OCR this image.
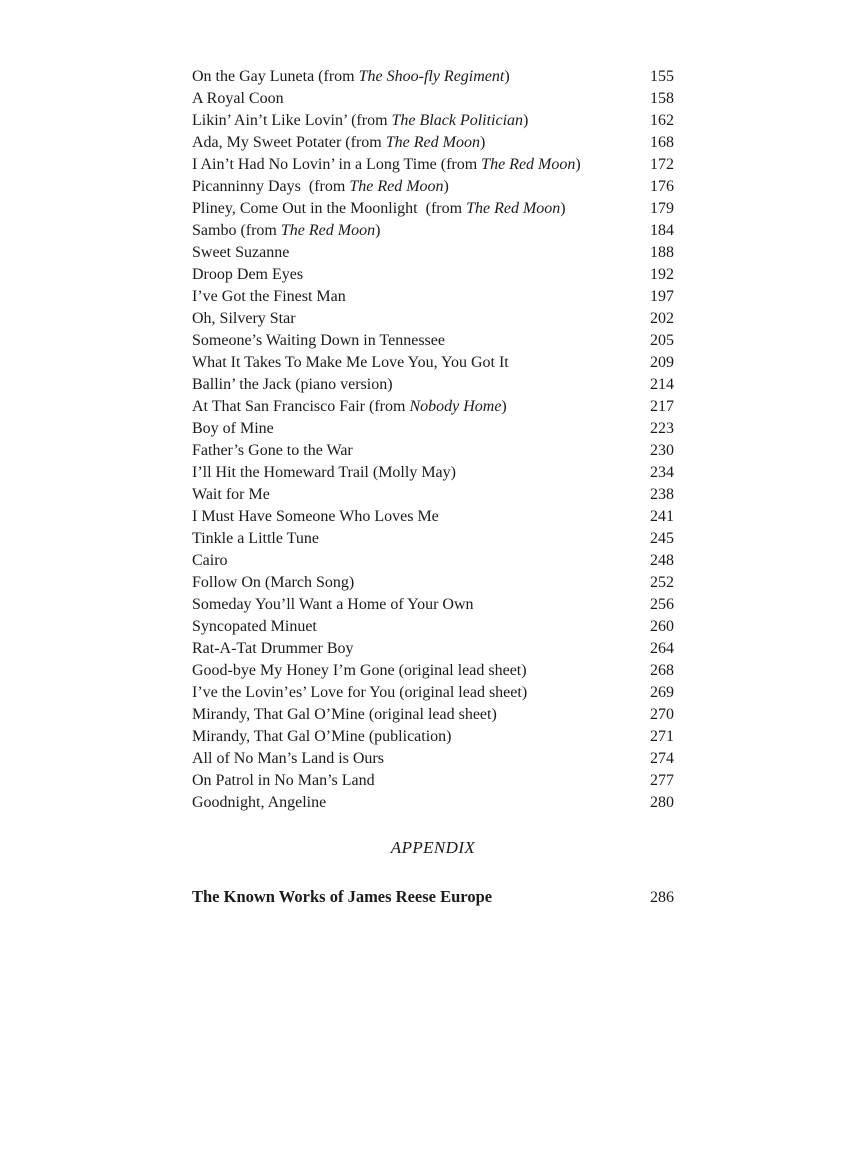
On the Gay Luneta (from The Shoo-fly Regiment)	155
A Royal Coon	158
Likin’ Ain’t Like Lovin’ (from The Black Politician)	162
Ada, My Sweet Potater (from The Red Moon)	168
I Ain’t Had No Lovin’ in a Long Time (from The Red Moon)	172
Picanninny Days  (from The Red Moon)	176
Pliney, Come Out in the Moonlight  (from The Red Moon)	179
Sambo (from The Red Moon)	184
Sweet Suzanne	188
Droop Dem Eyes	192
I’ve Got the Finest Man	197
Oh, Silvery Star	202
Someone’s Waiting Down in Tennessee	205
What It Takes To Make Me Love You, You Got It	209
Ballin’ the Jack (piano version)	214
At That San Francisco Fair (from Nobody Home)	217
Boy of Mine	223
Father’s Gone to the War	230
I’ll Hit the Homeward Trail (Molly May)	234
Wait for Me	238
I Must Have Someone Who Loves Me	241
Tinkle a Little Tune	245
Cairo	248
Follow On (March Song)	252
Someday You’ll Want a Home of Your Own	256
Syncopated Minuet	260
Rat-A-Tat Drummer Boy	264
Good-bye My Honey I’m Gone (original lead sheet)	268
I’ve the Lovin’es’ Love for You (original lead sheet)	269
Mirandy, That Gal O’Mine (original lead sheet)	270
Mirandy, That Gal O’Mine (publication)	271
All of No Man’s Land is Ours	274
On Patrol in No Man’s Land	277
Goodnight, Angeline	280
APPENDIX
The Known Works of James Reese Europe	286
